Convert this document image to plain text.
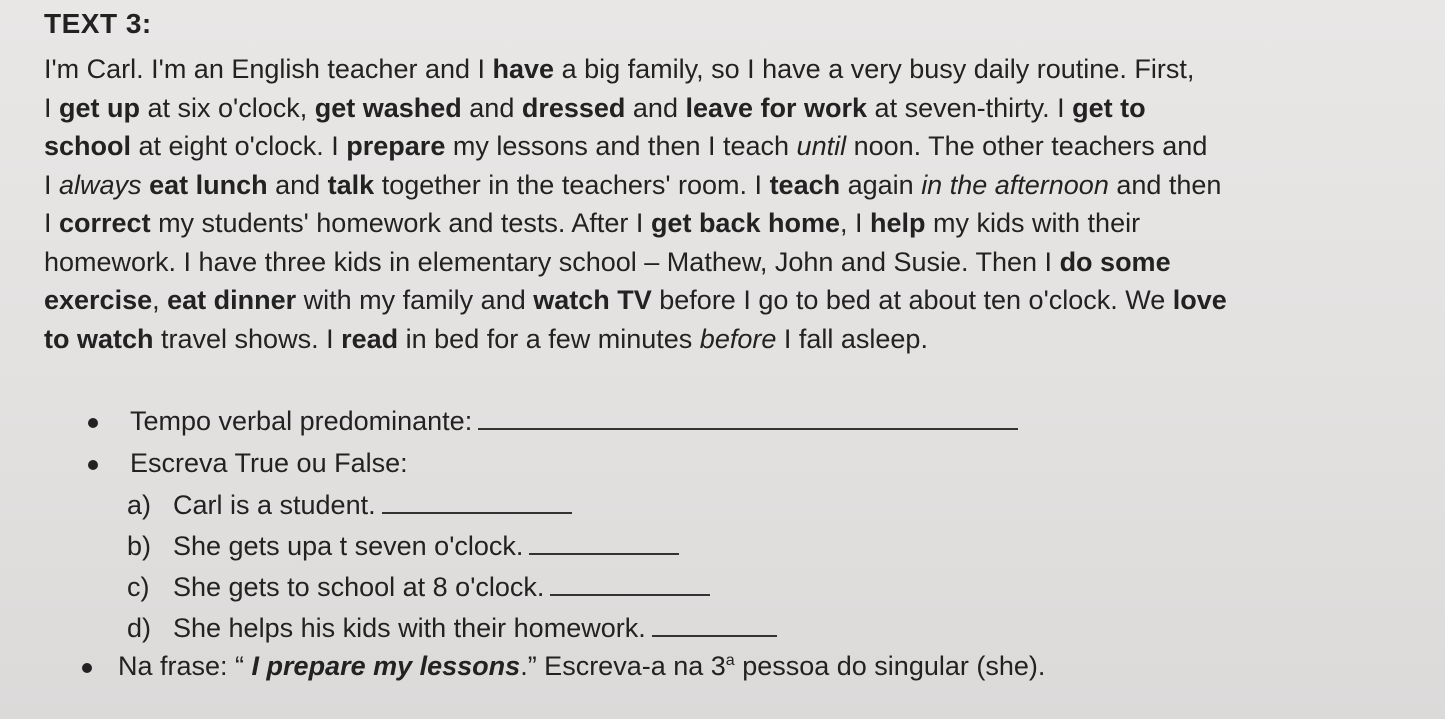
TEXT 3:
I'm Carl. I'm an English teacher and I have a big family, so I have a very busy daily routine. First,
I get up at six o'clock, get washed and dressed and leave for work at seven-thirty. I get to
school at eight o'clock. I prepare my lessons and then I teach until noon. The other teachers and
I always eat lunch and talk together in the teachers' room. I teach again in the afternoon and then
I correct my students' homework and tests. After I get back home, I help my kids with their
homework. I have three kids in elementary school – Mathew, John and Susie. Then I do some
exercise, eat dinner with my family and watch TV before I go to bed at about ten o'clock. We love
to watch travel shows. I read in bed for a few minutes before I fall asleep.
Tempo verbal predominante:
Escreva True ou False:
a) Carl is a student.
b) She gets upa t seven o'clock.
c) She gets to school at 8 o'clock.
d) She helps his kids with their homework.
Na frase: “ I prepare my lessons.” Escreva-a na 3$^a$ pessoa do singular (she).
